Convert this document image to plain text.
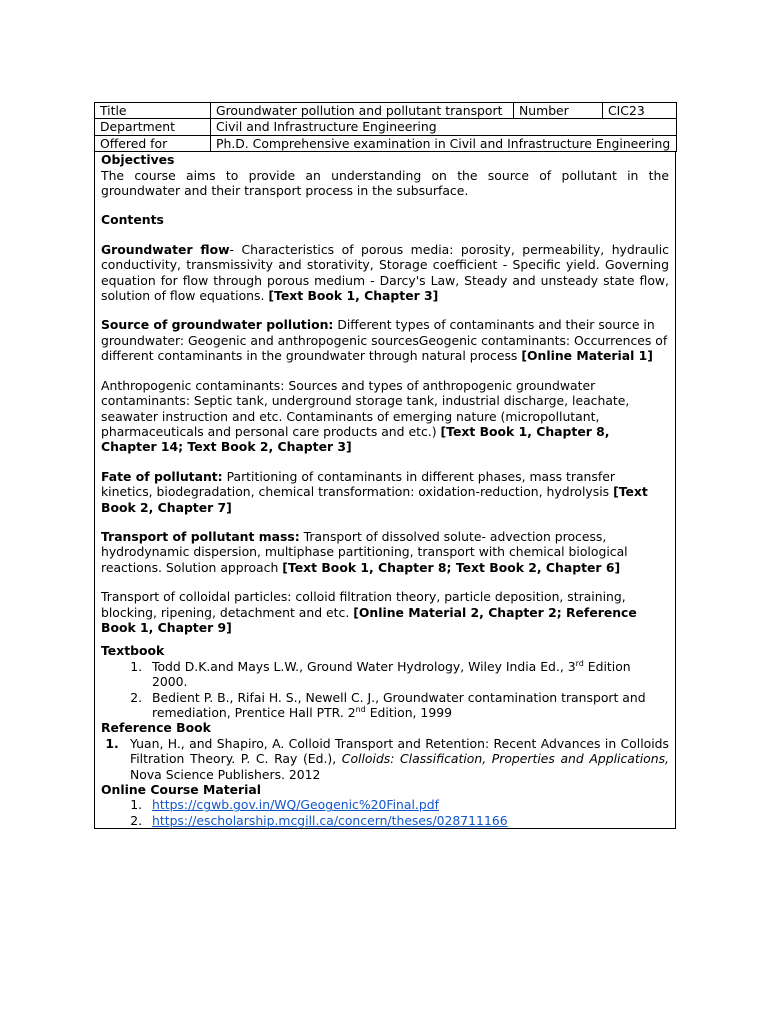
Title	Groundwater pollution and pollutant transport	Number	CIC23
Department	Civil and Infrastructure Engineering		
Offered for	Ph.D. Comprehensive examination in Civil and Infrastructure Engineering		

Objectives

The course aims to provide an understanding on the source of pollutant in the groundwater and their transport process in the subsurface.

Contents

Groundwater flow- Characteristics of porous media: porosity, permeability, hydraulic conductivity, transmissivity and storativity, Storage coefficient - Specific yield. Governing equation for flow through porous medium - Darcy's Law, Steady and unsteady state flow, solution of flow equations. [Text Book 1, Chapter 3]

Source of groundwater pollution: Different types of contaminants and their source in groundwater: Geogenic and anthropogenic sourcesGeogenic contaminants: Occurrences of different contaminants in the groundwater through natural process [Online Material 1]

Anthropogenic contaminants: Sources and types of anthropogenic groundwater contaminants: Septic tank, underground storage tank, industrial discharge, leachate, seawater instruction and etc. Contaminants of emerging nature (micropollutant, pharmaceuticals and personal care products and etc.) [Text Book 1, Chapter 8, Chapter 14; Text Book 2, Chapter 3]

Fate of pollutant: Partitioning of contaminants in different phases, mass transfer kinetics, biodegradation, chemical transformation: oxidation-reduction, hydrolysis [Text Book 2, Chapter 7]

Transport of pollutant mass: Transport of dissolved solute- advection process, hydrodynamic dispersion, multiphase partitioning, transport with chemical biological reactions. Solution approach [Text Book 1, Chapter 8; Text Book 2, Chapter 6]

Transport of colloidal particles: colloid filtration theory, particle deposition, straining, blocking, ripening, detachment and etc. [Online Material 2, Chapter 2; Reference Book 1, Chapter 9]

Textbook

1. Todd D.K.and Mays L.W., Ground Water Hydrology, Wiley India Ed., 3rd Edition 2000.
2. Bedient P. B., Rifai H. S., Newell C. J., Groundwater contamination transport and remediation, Prentice Hall PTR. 2nd Edition, 1999

Reference Book

1. Yuan, H., and Shapiro, A. Colloid Transport and Retention: Recent Advances in Colloids Filtration Theory. P. C. Ray (Ed.), Colloids: Classification, Properties and Applications, Nova Science Publishers. 2012

Online Course Material

1. https://cgwb.gov.in/WQ/Geogenic%20Final.pdf
2. https://escholarship.mcgill.ca/concern/theses/028711166
